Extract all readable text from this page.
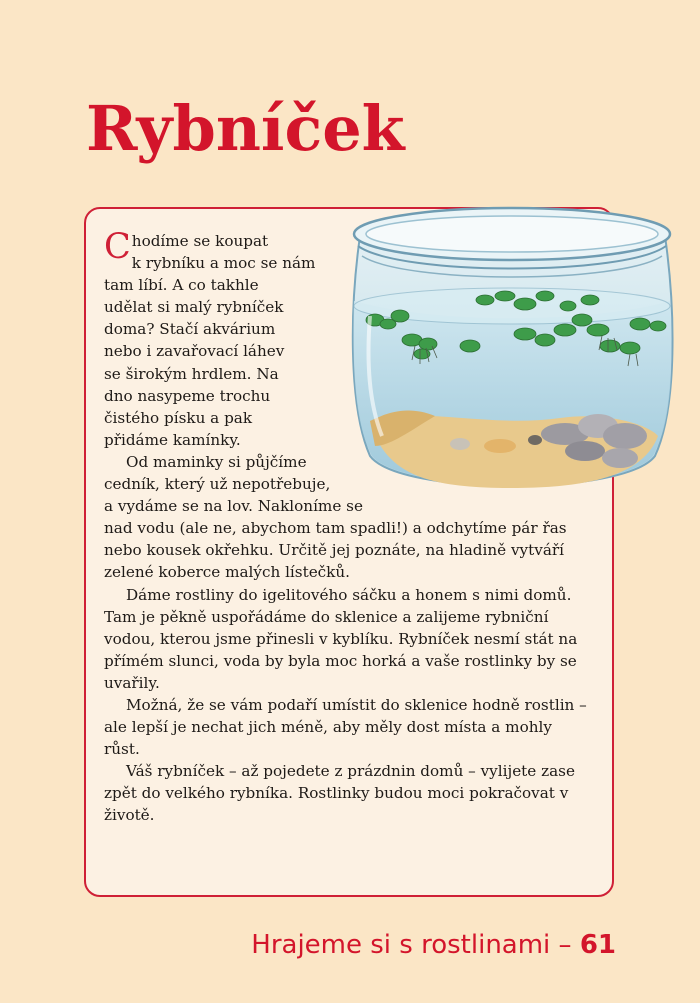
Rybníček
Chodíme se koupat
k rybníku a moc se nám
tam líbí. A co takhle
udělat si malý rybníček
doma? Stačí akvárium
nebo i zavařovací láhev
se širokým hrdlem. Na
dno nasypeme trochu
čistého písku a pak
přidáme kamínky.
Od maminky si půjčíme
cedník, který už nepotřebuje,
a vydáme se na lov. Nakloníme se

nad vodu (ale ne, abychom tam spadli!) a odchytíme pár řas nebo kousek okřehku. Určitě jej poznáte, na hladině vytváří zelené koberce malých lístečků.

Dáme rostliny do igelitového sáčku a honem s nimi domů. Tam je pěkně uspořádáme do sklenice a zalijeme rybniční vodou, kterou jsme přinesli v kyblíku. Rybníček nesmí stát na přímém slunci, voda by byla moc horká a vaše rostlinky by se uvařily.

Možná, že se vám podaří umístit do sklenice hodně rostlin – ale lepší je nechat jich méně, aby měly dost místa a mohly růst.

Váš rybníček – až pojedete z prázdnin domů – vylijete zase zpět do velkého rybníka. Rostlinky budou moci pokračovat v životě.

Hrajeme si s rostlinami – 61
